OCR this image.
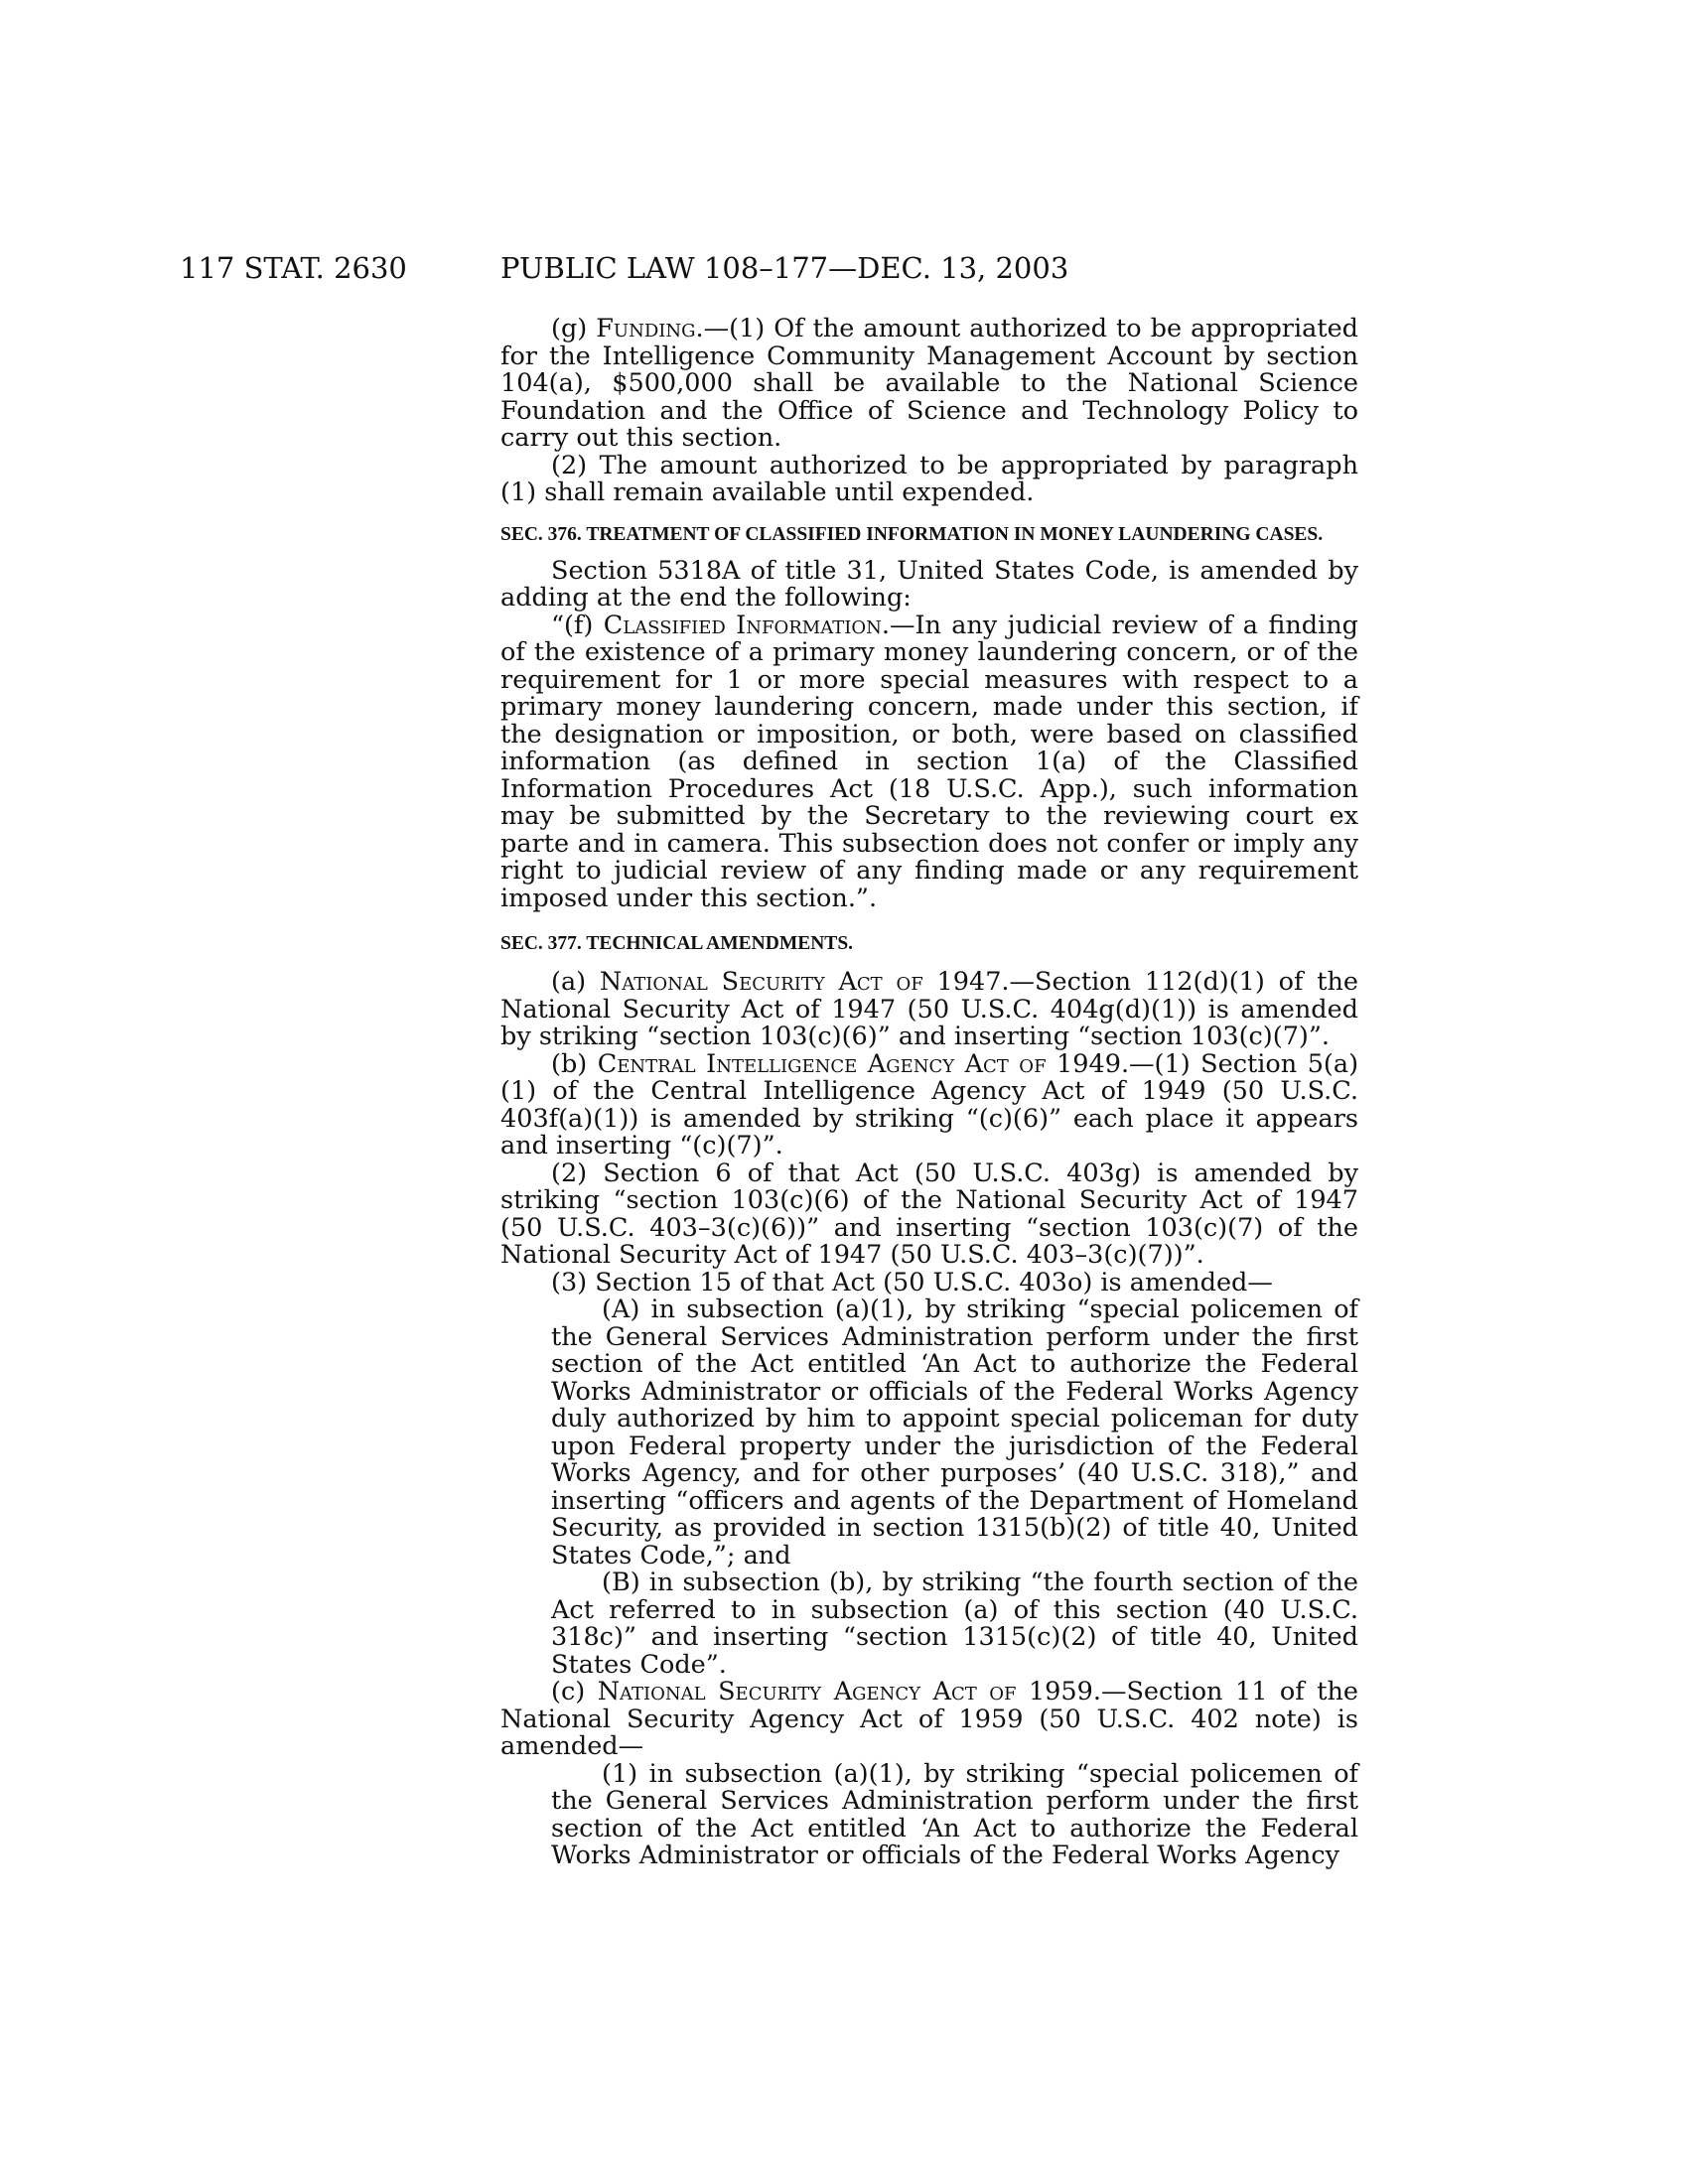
117 STAT. 2630	PUBLIC LAW 108–177—DEC. 13, 2003

(g) Funding.—(1) Of the amount authorized to be appropriated for the Intelligence Community Management Account by section 104(a), $500,000 shall be available to the National Science Foundation and the Office of Science and Technology Policy to carry out this section.

(2) The amount authorized to be appropriated by paragraph (1) shall remain available until expended.

SEC. 376. TREATMENT OF CLASSIFIED INFORMATION IN MONEY LAUNDERING CASES.

Section 5318A of title 31, United States Code, is amended by adding at the end the following:

“(f) Classified Information.—In any judicial review of a finding of the existence of a primary money laundering concern, or of the requirement for 1 or more special measures with respect to a primary money laundering concern, made under this section, if the designation or imposition, or both, were based on classified information (as defined in section 1(a) of the Classified Information Procedures Act (18 U.S.C. App.), such information may be submitted by the Secretary to the reviewing court ex parte and in camera. This subsection does not confer or imply any right to judicial review of any finding made or any requirement imposed under this section.”.

SEC. 377. TECHNICAL AMENDMENTS.

(a) National Security Act of 1947.—Section 112(d)(1) of the National Security Act of 1947 (50 U.S.C. 404g(d)(1)) is amended by striking “section 103(c)(6)” and inserting “section 103(c)(7)”.

(b) Central Intelligence Agency Act of 1949.—(1) Section 5(a)(1) of the Central Intelligence Agency Act of 1949 (50 U.S.C. 403f(a)(1)) is amended by striking “(c)(6)” each place it appears and inserting “(c)(7)”.

(2) Section 6 of that Act (50 U.S.C. 403g) is amended by striking “section 103(c)(6) of the National Security Act of 1947 (50 U.S.C. 403–3(c)(6))” and inserting “section 103(c)(7) of the National Security Act of 1947 (50 U.S.C. 403–3(c)(7))”.

(3) Section 15 of that Act (50 U.S.C. 403o) is amended—

(A) in subsection (a)(1), by striking “special policemen of the General Services Administration perform under the first section of the Act entitled ‘An Act to authorize the Federal Works Administrator or officials of the Federal Works Agency duly authorized by him to appoint special policeman for duty upon Federal property under the jurisdiction of the Federal Works Agency, and for other purposes’ (40 U.S.C. 318),” and inserting “officers and agents of the Department of Homeland Security, as provided in section 1315(b)(2) of title 40, United States Code,”; and

(B) in subsection (b), by striking “the fourth section of the Act referred to in subsection (a) of this section (40 U.S.C. 318c)” and inserting “section 1315(c)(2) of title 40, United States Code”.

(c) National Security Agency Act of 1959.—Section 11 of the National Security Agency Act of 1959 (50 U.S.C. 402 note) is amended—

(1) in subsection (a)(1), by striking “special policemen of the General Services Administration perform under the first section of the Act entitled ‘An Act to authorize the Federal Works Administrator or officials of the Federal Works Agency
